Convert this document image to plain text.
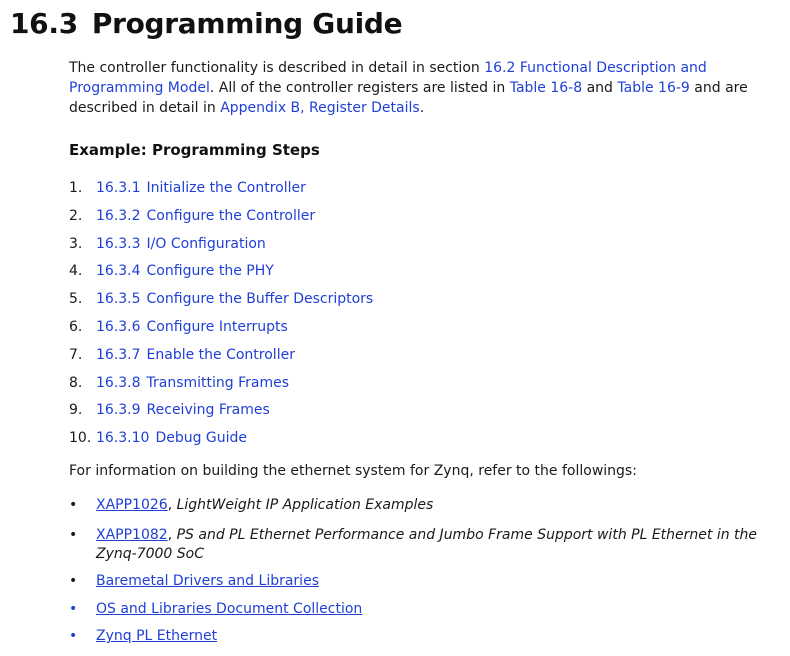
16.3 Programming Guide

The controller functionality is described in detail in section 16.2 Functional Description and Programming Model. All of the controller registers are listed in Table 16-8 and Table 16-9 and are described in detail in Appendix B, Register Details.

Example: Programming Steps
1. 16.3.1 Initialize the Controller
2. 16.3.2 Configure the Controller
3. 16.3.3 I/O Configuration
4. 16.3.4 Configure the PHY
5. 16.3.5 Configure the Buffer Descriptors
6. 16.3.6 Configure Interrupts
7. 16.3.7 Enable the Controller
8. 16.3.8 Transmitting Frames
9. 16.3.9 Receiving Frames
10. 16.3.10 Debug Guide

For information on building the ethernet system for Zynq, refer to the followings:

• XAPP1026, LightWeight IP Application Examples
• XAPP1082, PS and PL Ethernet Performance and Jumbo Frame Support with PL Ethernet in the Zynq-7000 SoC
• Baremetal Drivers and Libraries
• OS and Libraries Document Collection
• Zynq PL Ethernet
